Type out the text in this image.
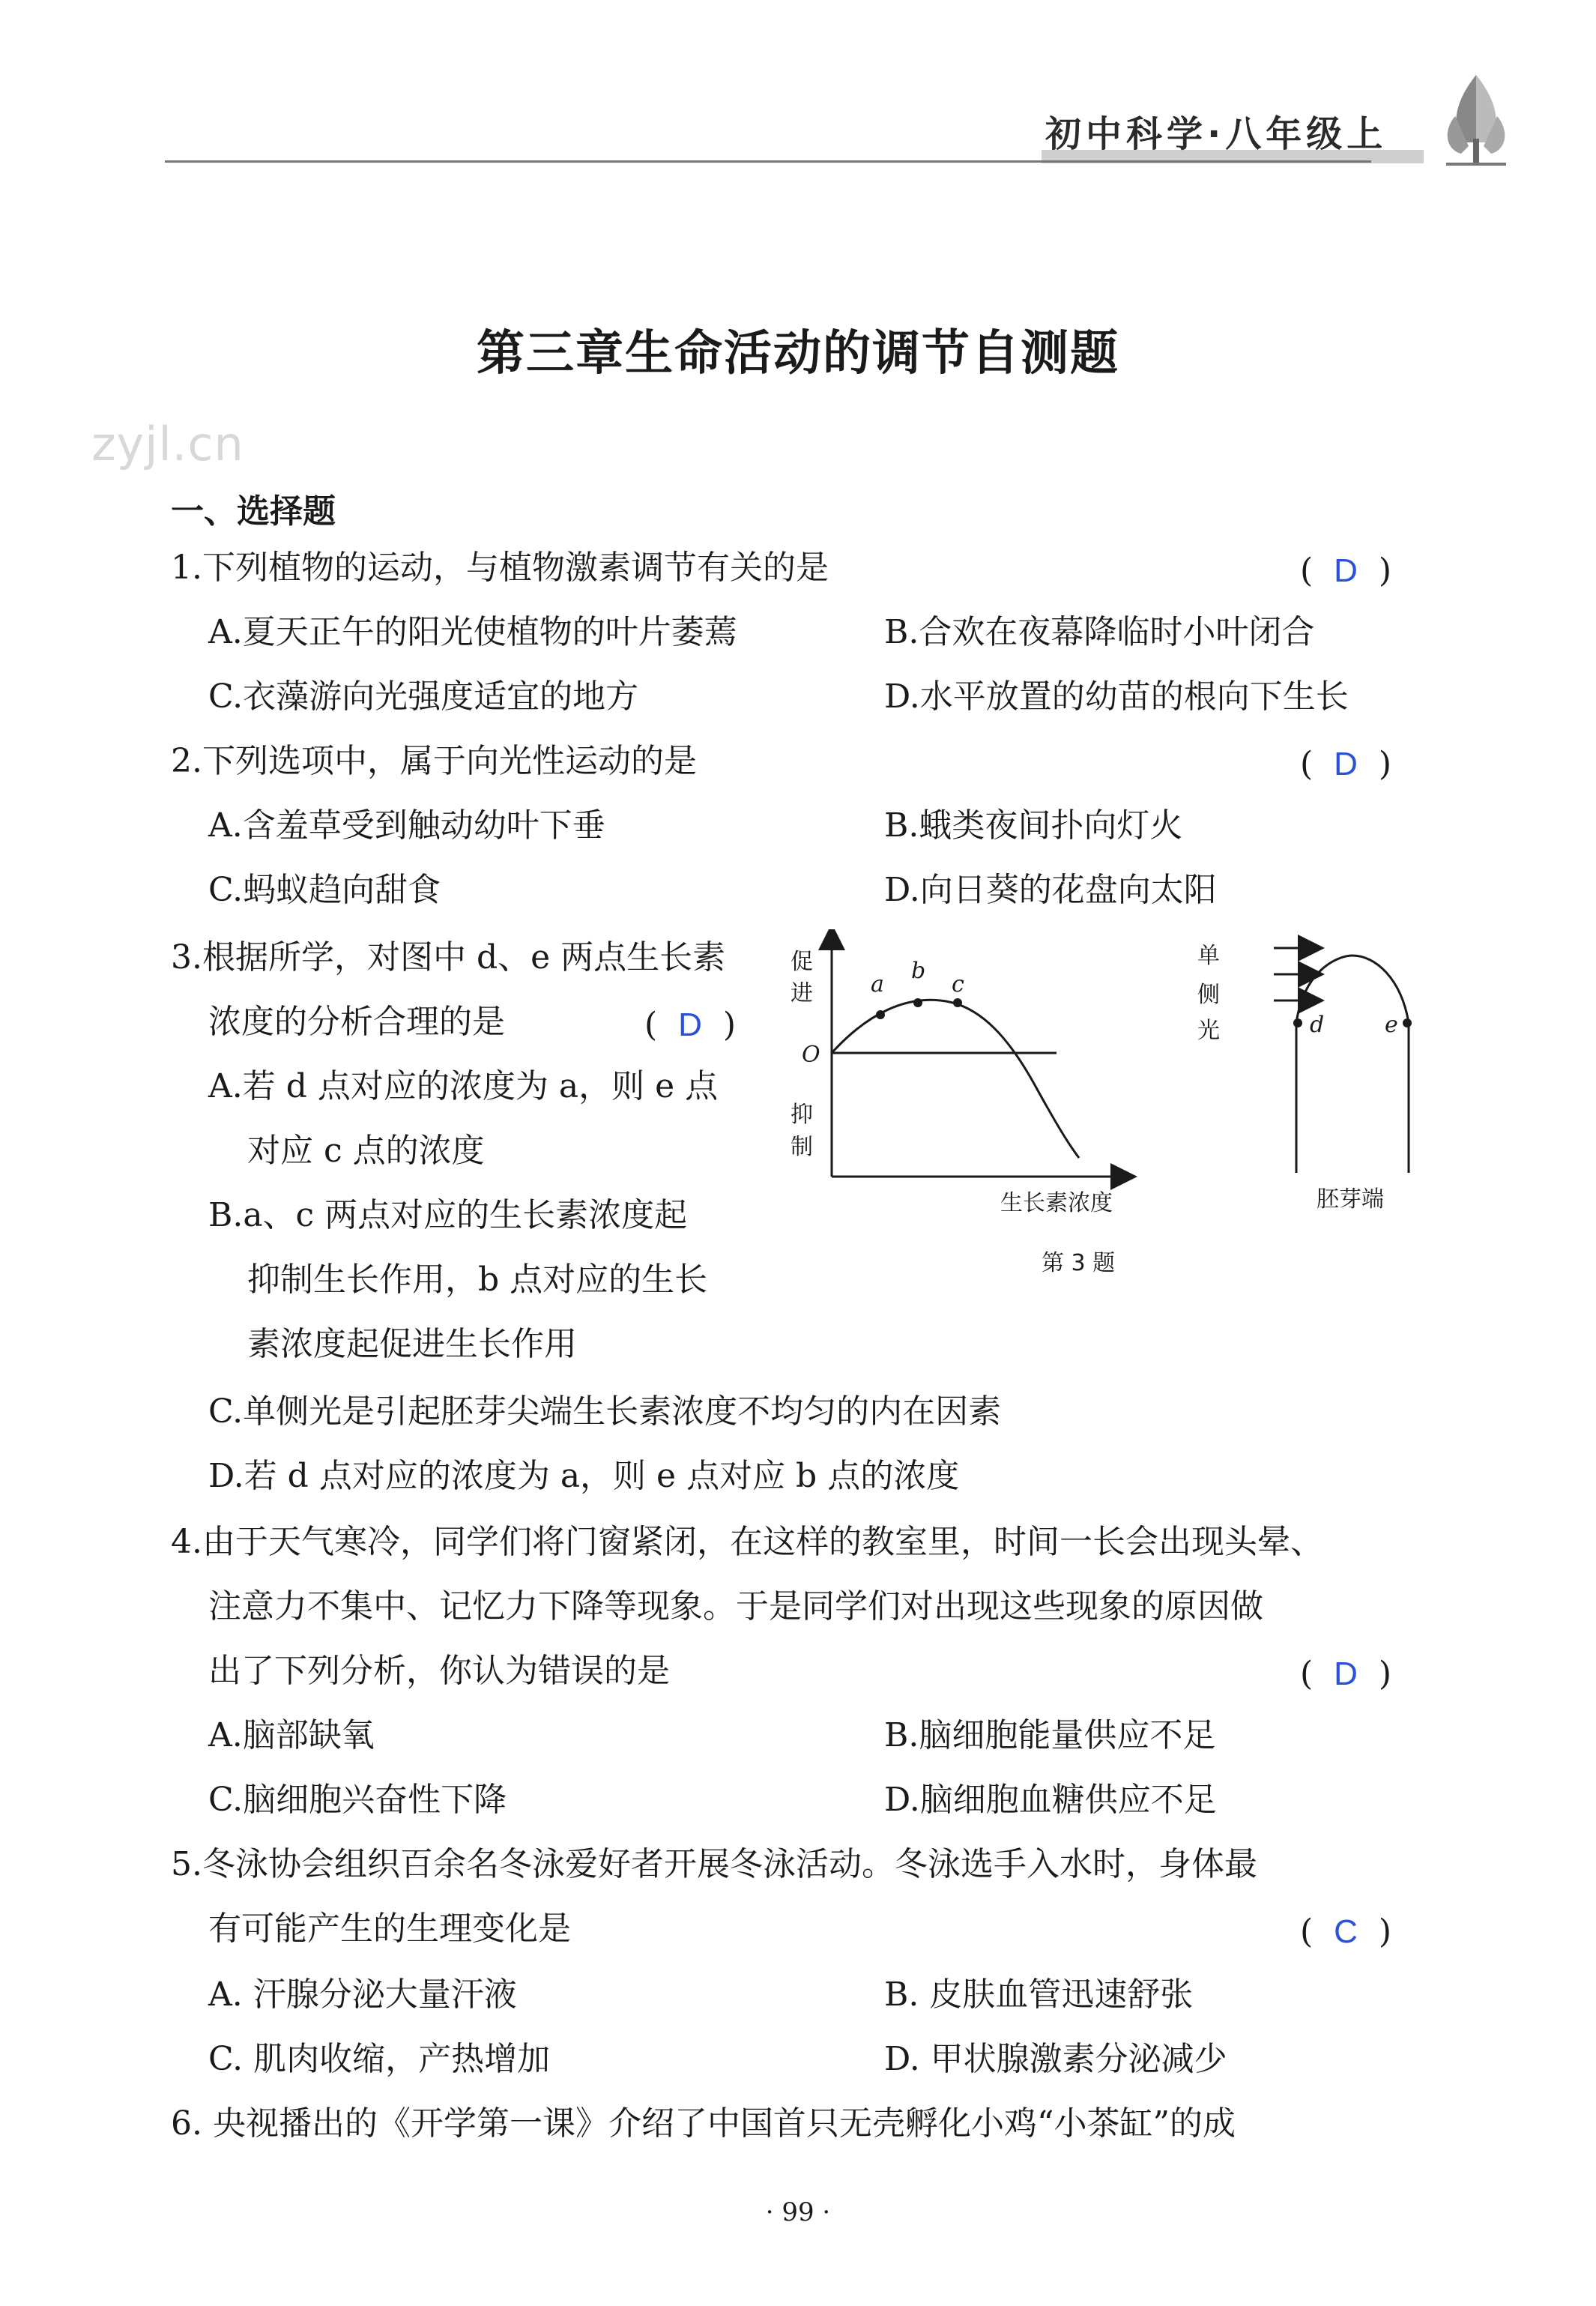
初中科学·八年级上
zyjl.cn
第三章生命活动的调节自测题
一、选择题
1.下列植物的运动，与植物激素调节有关的是	(  D  )
A.夏天正午的阳光使植物的叶片萎蔫	B.合欢在夜幕降临时小叶闭合
C.衣藻游向光强度适宜的地方	D.水平放置的幼苗的根向下生长
2.下列选项中，属于向光性运动的是	(  D  )
A.含羞草受到触动幼叶下垂	B.蛾类夜间扑向灯火
C.蚂蚁趋向甜食	D.向日葵的花盘向太阳
3.根据所学，对图中 d、e 两点生长素
浓度的分析合理的是	(  D  )
A.若 d 点对应的浓度为 a，则 e 点
对应 c 点的浓度
B.a、c 两点对应的生长素浓度起
抑制生长作用，b 点对应的生长
素浓度起促进生长作用
C.单侧光是引起胚芽尖端生长素浓度不均匀的内在因素
D.若 d 点对应的浓度为 a，则 e 点对应 b 点的浓度
促
进
O
抑
制
a
b
c
生长素浓度
第 3 题
单
侧
光	d	e
胚芽端
4.由于天气寒冷，同学们将门窗紧闭，在这样的教室里，时间一长会出现头晕、
注意力不集中、记忆力下降等现象。于是同学们对出现这些现象的原因做
出了下列分析，你认为错误的是	(  D  )
A.脑部缺氧	B.脑细胞能量供应不足
C.脑细胞兴奋性下降	D.脑细胞血糖供应不足
5.冬泳协会组织百余名冬泳爱好者开展冬泳活动。冬泳选手入水时，身体最
有可能产生的生理变化是	(  C  )
A. 汗腺分泌大量汗液	B. 皮肤血管迅速舒张
C. 肌肉收缩，产热增加	D. 甲状腺激素分泌减少
6. 央视播出的《开学第一课》介绍了中国首只无壳孵化小鸡“小茶缸”的成
· 99 ·
